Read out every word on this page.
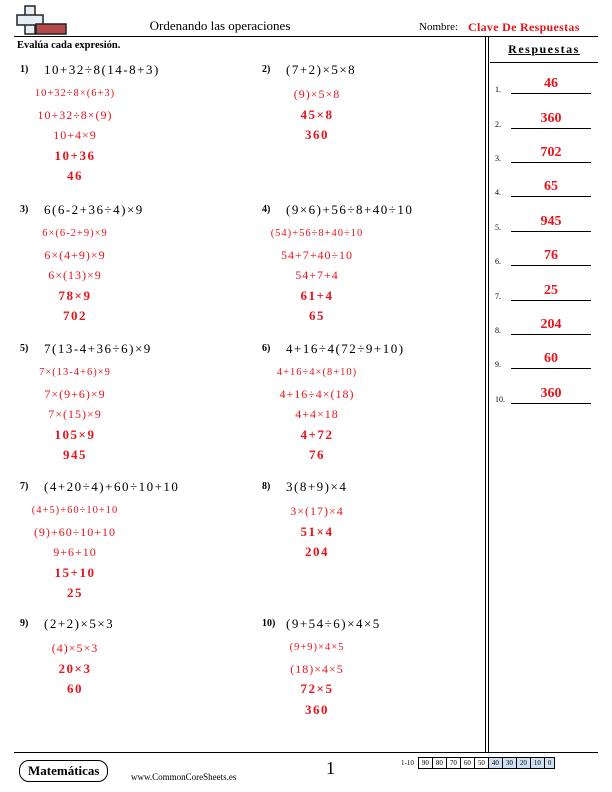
Ordenando las operaciones	Nombre: Clave De Respuestas
Evalúa cada expresión.	Respuestas
1.	46
2.	360
3.	702
4.	65
5.	945
6.	76
7.	25
8.	204
9.	60
10.	360
1) 10+32÷8(14-8+3)
10+32÷8×(6+3)
10+32÷8×(9)
10+4×9
10+36
46
2) (7+2)×5×8
(9)×5×8
45×8
360
3) 6(6-2+36÷4)×9
6×(6-2+9)×9
6×(4+9)×9
6×(13)×9
78×9
702
4) (9×6)+56÷8+40÷10
(54)+56÷8+40÷10
54+7+40÷10
54+7+4
61+4
65
5) 7(13-4+36÷6)×9
7×(13-4+6)×9
7×(9+6)×9
7×(15)×9
105×9
945
6) 4+16÷4(72÷9+10)
4+16÷4×(8+10)
4+16÷4×(18)
4+4×18
4+72
76
7) (4+20÷4)+60÷10+10
(4+5)+60÷10+10
(9)+60÷10+10
9+6+10
15+10
25
8) 3(8+9)×4
3×(17)×4
51×4
204
9) (2+2)×5×3
(4)×5×3
20×3
60
10) (9+54÷6)×4×5
(9+9)×4×5
(18)×4×5
72×5
360
Matemáticas	www.CommonCoreSheets.es	1	1-10	90	80	70	60	50	40	30	20	10	0
